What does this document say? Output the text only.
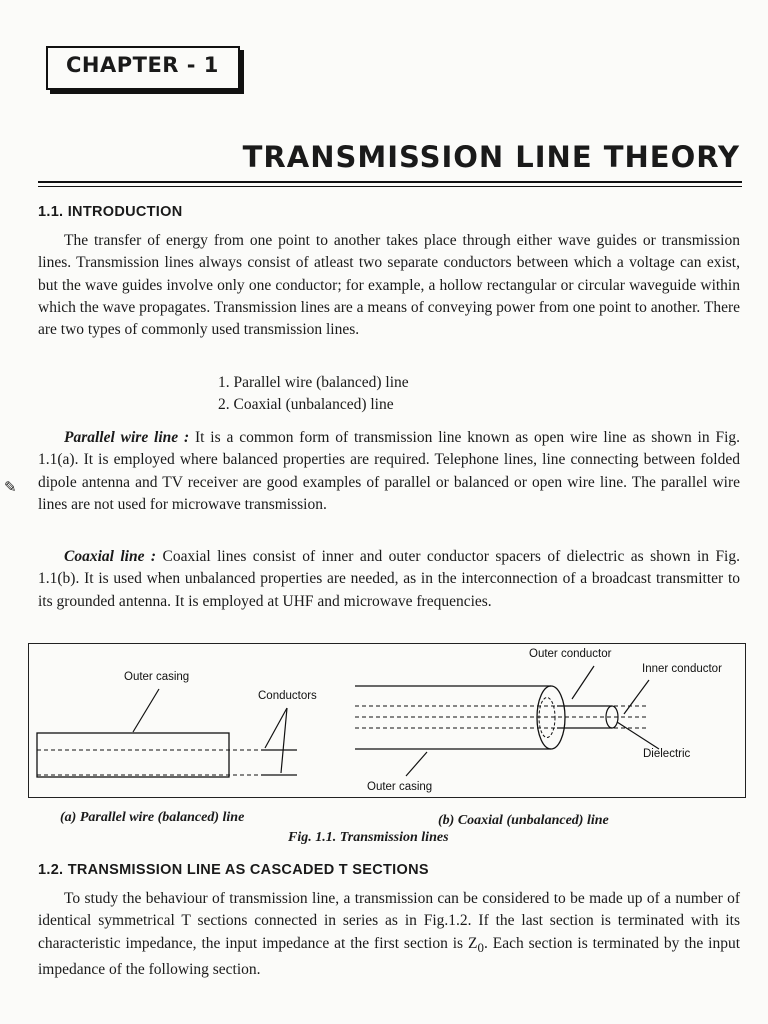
CHAPTER - 1
TRANSMISSION LINE THEORY
1.1. INTRODUCTION

The transfer of energy from one point to another takes place through either wave guides or transmission lines. Transmission lines always consist of atleast two separate conductors between which a voltage can exist, but the wave guides involve only one conductor; for example, a hollow rectangular or circular waveguide within which the wave propagates. Transmission lines are a means of conveying power from one point to another. There are two types of commonly used transmission lines.

1. Parallel wire (balanced) line
2. Coaxial (unbalanced) line
✎

Parallel wire line : It is a common form of transmission line known as open wire line as shown in Fig. 1.1(a). It is employed where balanced properties are required. Telephone lines, line connecting between folded dipole antenna and TV receiver are good examples of parallel or balanced or open wire line. The parallel wire lines are not used for microwave transmission.

Coaxial line : Coaxial lines consist of inner and outer conductor spacers of dielectric as shown in Fig. 1.1(b). It is used when unbalanced properties are needed, as in the interconnection of a broadcast transmitter to its grounded antenna. It is employed at UHF and microwave frequencies.

Outer casing
Conductors
Outer conductor
Inner conductor
Dielectric
Outer casing
(a) Parallel wire (balanced) line	(b) Coaxial (unbalanced) line
Fig. 1.1. Transmission lines
1.2. TRANSMISSION LINE AS CASCADED T SECTIONS

To study the behaviour of transmission line, a transmission can be considered to be made up of a number of identical symmetrical T sections connected in series as in Fig.1.2. If the last section is terminated with its characteristic impedance, the input impedance at the first section is $Z_0$. Each section is terminated by the input impedance of the following section.
